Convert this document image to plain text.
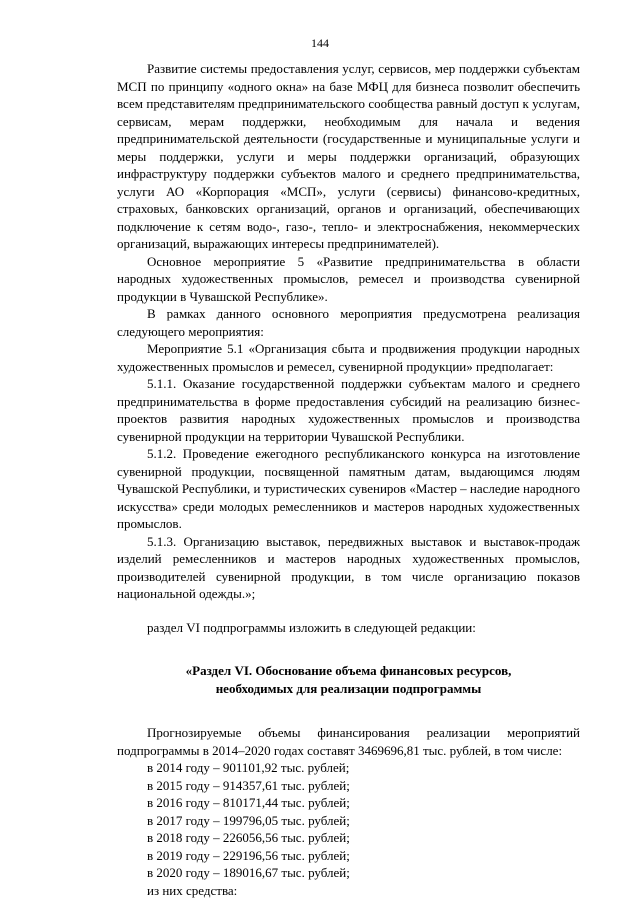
144

Развитие системы предоставления услуг, сервисов, мер поддержки субъектам МСП по принципу «одного окна» на базе МФЦ для бизнеса позволит обеспечить всем представителям предпринимательского сообщества равный доступ к услугам, сервисам, мерам поддержки, необходимым для начала и ведения предпринимательской деятельности (государственные и муниципальные услуги и меры поддержки, услуги и меры поддержки организаций, образующих инфраструктуру поддержки субъектов малого и среднего предпринимательства, услуги АО «Корпорация «МСП», услуги (сервисы) финансово-кредитных, страховых, банковских организаций, органов и организаций, обеспечивающих подключение к сетям водо-, газо-, тепло- и электроснабжения, некоммерческих организаций, выражающих интересы предпринимателей).

Основное мероприятие 5 «Развитие предпринимательства в области народных художественных промыслов, ремесел и производства сувенирной продукции в Чувашской Республике».

В рамках данного основного мероприятия предусмотрена реализация следующего мероприятия:

Мероприятие 5.1 «Организация сбыта и продвижения продукции народных художественных промыслов и ремесел, сувенирной продукции» предполагает:

5.1.1. Оказание государственной поддержки субъектам малого и среднего предпринимательства в форме предоставления субсидий на реализацию бизнес-проектов развития народных художественных промыслов и производства сувенирной продукции на территории Чувашской Республики.

5.1.2. Проведение ежегодного республиканского конкурса на изготовление сувенирной продукции, посвященной памятным датам, выдающимся людям Чувашской Республики, и туристических сувениров «Мастер – наследие народного искусства» среди молодых ремесленников и мастеров народных художественных промыслов.

5.1.3. Организацию выставок, передвижных выставок и выставок-продаж изделий ремесленников и мастеров народных художественных промыслов, производителей сувенирной продукции, в том числе организацию показов национальной одежды.»;

раздел VI подпрограммы изложить в следующей редакции:

«Раздел VI. Обоснование объема финансовых ресурсов,
необходимых для реализации подпрограммы

Прогнозируемые объемы финансирования реализации мероприятий подпрограммы в 2014–2020 годах составят 3469696,81 тыс. рублей, в том числе:

в 2014 году – 901101,92 тыс. рублей;

в 2015 году – 914357,61 тыс. рублей;

в 2016 году – 810171,44 тыс. рублей;

в 2017 году – 199796,05 тыс. рублей;

в 2018 году – 226056,56 тыс. рублей;

в 2019 году – 229196,56 тыс. рублей;

в 2020 году – 189016,67 тыс. рублей;

из них средства:
